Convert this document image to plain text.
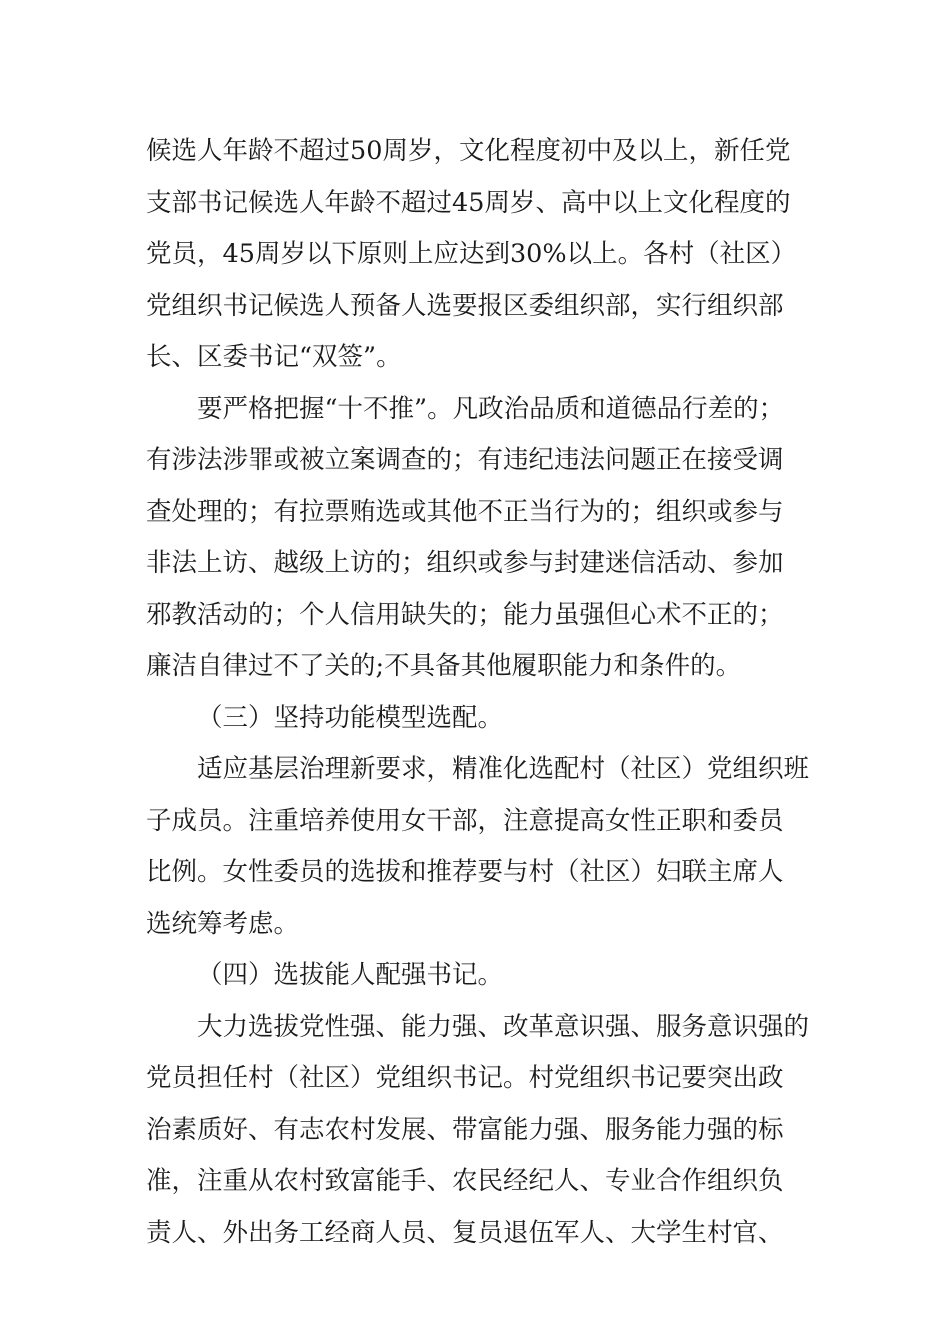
候选人年龄不超过50周岁，文化程度初中及以上，新任党
支部书记候选人年龄不超过45周岁、高中以上文化程度的
党员，45周岁以下原则上应达到30%以上。各村（社区）
党组织书记候选人预备人选要报区委组织部，实行组织部
长、区委书记“双签”。
要严格把握“十不推”。凡政治品质和道德品行差的；
有涉法涉罪或被立案调查的；有违纪违法问题正在接受调
查处理的；有拉票贿选或其他不正当行为的；组织或参与
非法上访、越级上访的；组织或参与封建迷信活动、参加
邪教活动的；个人信用缺失的；能力虽强但心术不正的；
廉洁自律过不了关的;不具备其他履职能力和条件的。
（三）坚持功能模型选配。
适应基层治理新要求，精准化选配村（社区）党组织班
子成员。注重培养使用女干部，注意提高女性正职和委员
比例。女性委员的选拔和推荐要与村（社区）妇联主席人
选统筹考虑。
（四）选拔能人配强书记。
大力选拔党性强、能力强、改革意识强、服务意识强的
党员担任村（社区）党组织书记。村党组织书记要突出政
治素质好、有志农村发展、带富能力强、服务能力强的标
准，注重从农村致富能手、农民经纪人、专业合作组织负
责人、外出务工经商人员、复员退伍军人、大学生村官、
